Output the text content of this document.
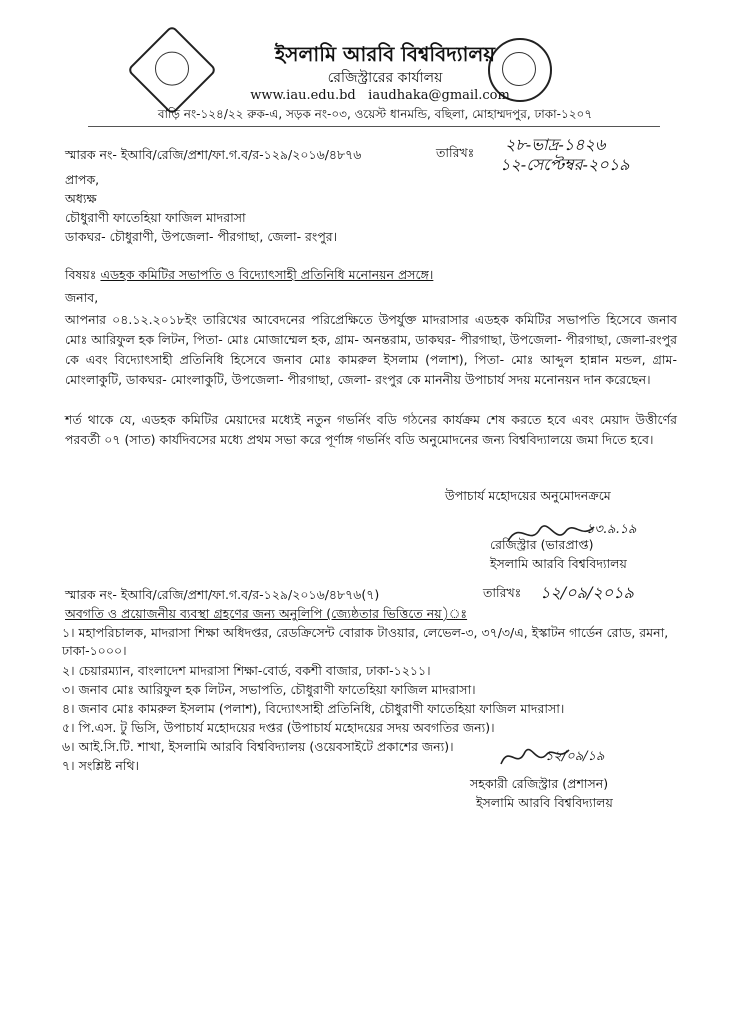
ইসলামি আরবি বিশ্ববিদ্যালয়
রেজিস্ট্রারের কার্যালয়
www.iau.edu.bd iaudhaka@gmail.com
বাড়ি নং-১২৪/২২ রুক-এ, সড়ক নং-০৩, ওয়েস্ট ধানমন্ডি, বছিলা, মোহাম্মদপুর, ঢাকা-১২০৭
স্মারক নং- ইআবি/রেজি/প্রশা/ফা.গ.ব/র-১২৯/২০১৬/৪৮৭৬	তারিখঃ ২৮-ভাদ্র-১৪২৬
১২-সেপ্টেম্বর-২০১৯
প্রাপক,
অধ্যক্ষ
চৌধুরাণী ফাতেহিয়া ফাজিল মাদরাসা
ডাকঘর- চৌধুরাণী, উপজেলা- পীরগাছা, জেলা- রংপুর।
বিষয়ঃ এডহক কমিটির সভাপতি ও বিদ্যোৎসাহী প্রতিনিধি মনোনয়ন প্রসঙ্গে।
জনাব,
আপনার ০৪.১২.২০১৮ইং তারিখের আবেদনের পরিপ্রেক্ষিতে উপর্যুক্ত মাদরাসার এডহক কমিটির সভাপতি হিসেবে জনাব মোঃ আরিফুল হক লিটন, পিতা- মোঃ মোজাম্মেল হক, গ্রাম- অনন্তরাম, ডাকঘর- পীরগাছা, উপজেলা- পীরগাছা, জেলা-রংপুর কে এবং বিদ্যোৎসাহী প্রতিনিধি হিসেবে জনাব মোঃ কামরুল ইসলাম (পলাশ), পিতা- মোঃ আব্দুল হান্নান মন্ডল, গ্রাম- মোংলাকুটি, ডাকঘর- মোংলাকুটি, উপজেলা- পীরগাছা, জেলা- রংপুর কে মাননীয় উপাচার্য সদয় মনোনয়ন দান করেছেন।
শর্ত থাকে যে, এডহক কমিটির মেয়াদের মধ্যেই নতুন গভর্নিং বডি গঠনের কার্যক্রম শেষ করতে হবে এবং মেয়াদ উত্তীর্ণের পরবর্তী ০৭ (সাত) কার্যদিবসের মধ্যে প্রথম সভা করে পূর্ণাঙ্গ গভর্নিং বডি অনুমোদনের জন্য বিশ্ববিদ্যালয়ে জমা দিতে হবে।
উপাচার্য মহোদয়ের অনুমোদনক্রমে
১৩.৯.১৯
রেজিস্ট্রার (ভারপ্রাপ্ত)
ইসলামি আরবি বিশ্ববিদ্যালয়
স্মারক নং- ইআবি/রেজি/প্রশা/ফা.গ.ব/র-১২৯/২০১৬/৪৮৭৬(৭)	তারিখঃ ১২/০৯/২০১৯
অবগতি ও প্রয়োজনীয় ব্যবস্থা গ্রহণের জন্য অনুলিপি (জ্যেষ্ঠতার ভিত্তিতে নয়)ঃ
১। মহাপরিচালক, মাদরাসা শিক্ষা অধিদপ্তর, রেডক্রিসেন্ট বোরাক টাওয়ার, লেভেল-৩, ৩৭/৩/এ, ইস্কাটন গার্ডেন রোড, রমনা, ঢাকা-১০০০।
২। চেয়ারম্যান, বাংলাদেশ মাদরাসা শিক্ষা-বোর্ড, বকশী বাজার, ঢাকা-১২১১।
৩। জনাব মোঃ আরিফুল হক লিটন, সভাপতি, চৌধুরাণী ফাতেহিয়া ফাজিল মাদরাসা।
৪। জনাব মোঃ কামরুল ইসলাম (পলাশ), বিদ্যোৎসাহী প্রতিনিধি, চৌধুরাণী ফাতেহিয়া ফাজিল মাদরাসা।
৫। পি.এস. টু ভিসি, উপাচার্য মহোদয়ের দপ্তর (উপাচার্য মহোদয়ের সদয় অবগতির জন্য)।
৬। আই.সি.টি. শাখা, ইসলামি আরবি বিশ্ববিদ্যালয় (ওয়েবসাইটে প্রকাশের জন্য)।
৭। সংশ্লিষ্ট নথি।
১২/০৯/১৯
সহকারী রেজিস্ট্রার (প্রশাসন)
ইসলামি আরবি বিশ্ববিদ্যালয়
